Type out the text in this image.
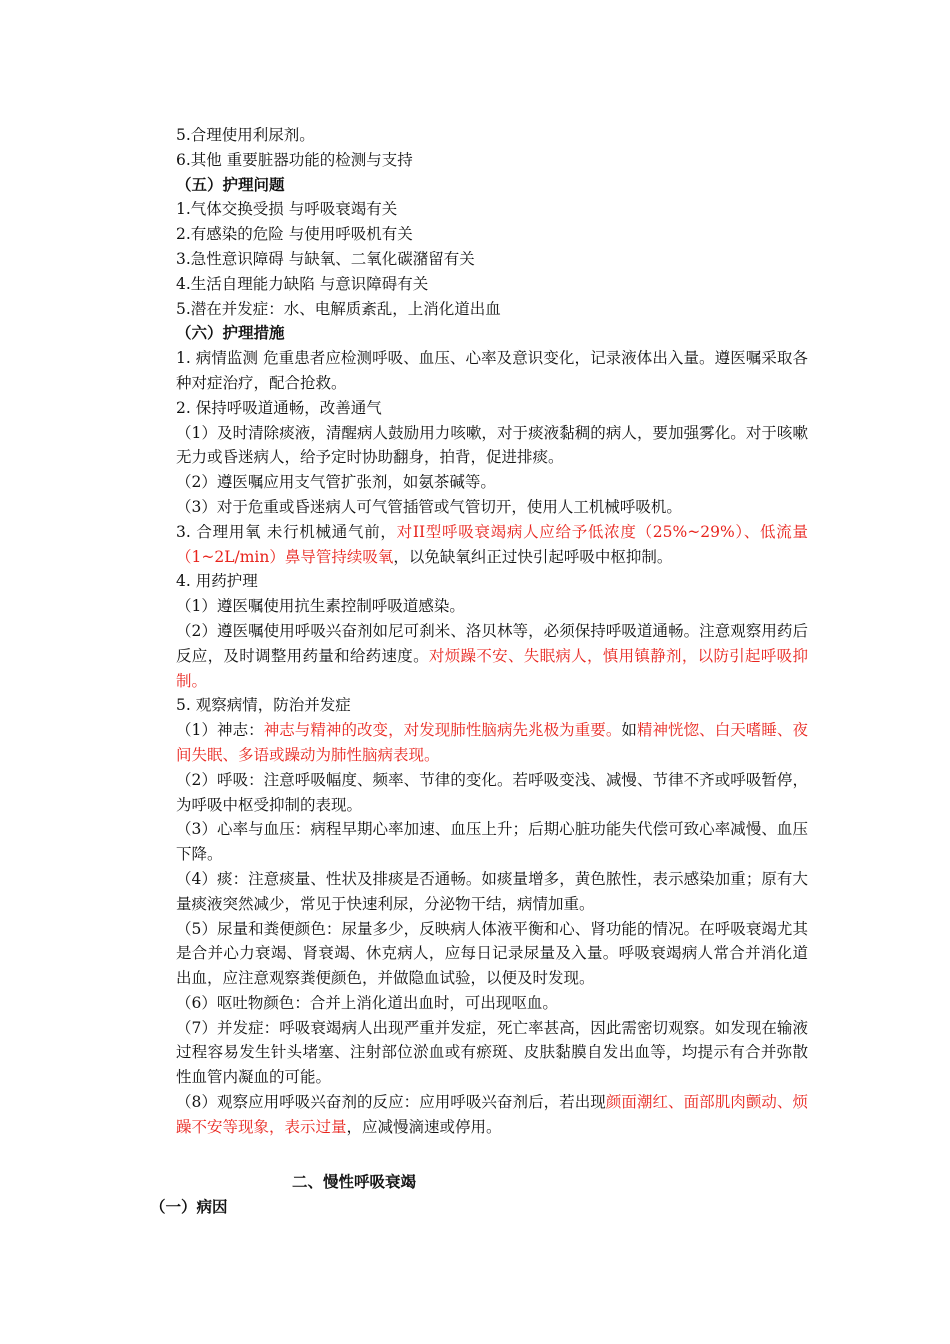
5.合理使用利尿剂。
6.其他 重要脏器功能的检测与支持
（五）护理问题
1.气体交换受损 与呼吸衰竭有关
2.有感染的危险 与使用呼吸机有关
3.急性意识障碍 与缺氧、二氧化碳潴留有关
4.生活自理能力缺陷 与意识障碍有关
5.潜在并发症：水、电解质紊乱，上消化道出血
（六）护理措施
1. 病情监测 危重患者应检测呼吸、血压、心率及意识变化，记录液体出入量。遵医嘱采取各种对症治疗，配合抢救。
2. 保持呼吸道通畅，改善通气
（1）及时清除痰液，清醒病人鼓励用力咳嗽，对于痰液黏稠的病人，要加强雾化。对于咳嗽无力或昏迷病人，给予定时协助翻身，拍背，促进排痰。
（2）遵医嘱应用支气管扩张剂，如氨茶碱等。
（3）对于危重或昏迷病人可气管插管或气管切开，使用人工机械呼吸机。
3. 合理用氧 未行机械通气前，对II型呼吸衰竭病人应给予低浓度（25%~29%）、低流量（1~2L/min）鼻导管持续吸氧，以免缺氧纠正过快引起呼吸中枢抑制。
4. 用药护理
（1）遵医嘱使用抗生素控制呼吸道感染。
（2）遵医嘱使用呼吸兴奋剂如尼可刹米、洛贝林等，必须保持呼吸道通畅。注意观察用药后反应，及时调整用药量和给药速度。对烦躁不安、失眠病人，慎用镇静剂，以防引起呼吸抑制。
5. 观察病情，防治并发症
（1）神志：神志与精神的改变，对发现肺性脑病先兆极为重要。如精神恍惚、白天嗜睡、夜间失眠、多语或躁动为肺性脑病表现。
（2）呼吸：注意呼吸幅度、频率、节律的变化。若呼吸变浅、减慢、节律不齐或呼吸暂停，为呼吸中枢受抑制的表现。
（3）心率与血压：病程早期心率加速、血压上升；后期心脏功能失代偿可致心率减慢、血压下降。
（4）痰：注意痰量、性状及排痰是否通畅。如痰量增多，黄色脓性，表示感染加重；原有大量痰液突然减少，常见于快速利尿，分泌物干结，病情加重。
（5）尿量和粪便颜色：尿量多少，反映病人体液平衡和心、肾功能的情况。在呼吸衰竭尤其是合并心力衰竭、肾衰竭、休克病人，应每日记录尿量及入量。呼吸衰竭病人常合并消化道出血，应注意观察粪便颜色，并做隐血试验，以便及时发现。
（6）呕吐物颜色：合并上消化道出血时，可出现呕血。
（7）并发症：呼吸衰竭病人出现严重并发症，死亡率甚高，因此需密切观察。如发现在输液过程容易发生针头堵塞、注射部位淤血或有瘀斑、皮肤黏膜自发出血等，均提示有合并弥散性血管内凝血的可能。
（8）观察应用呼吸兴奋剂的反应：应用呼吸兴奋剂后，若出现颜面潮红、面部肌肉颤动、烦躁不安等现象，表示过量，应减慢滴速或停用。
二、慢性呼吸衰竭
（一）病因
